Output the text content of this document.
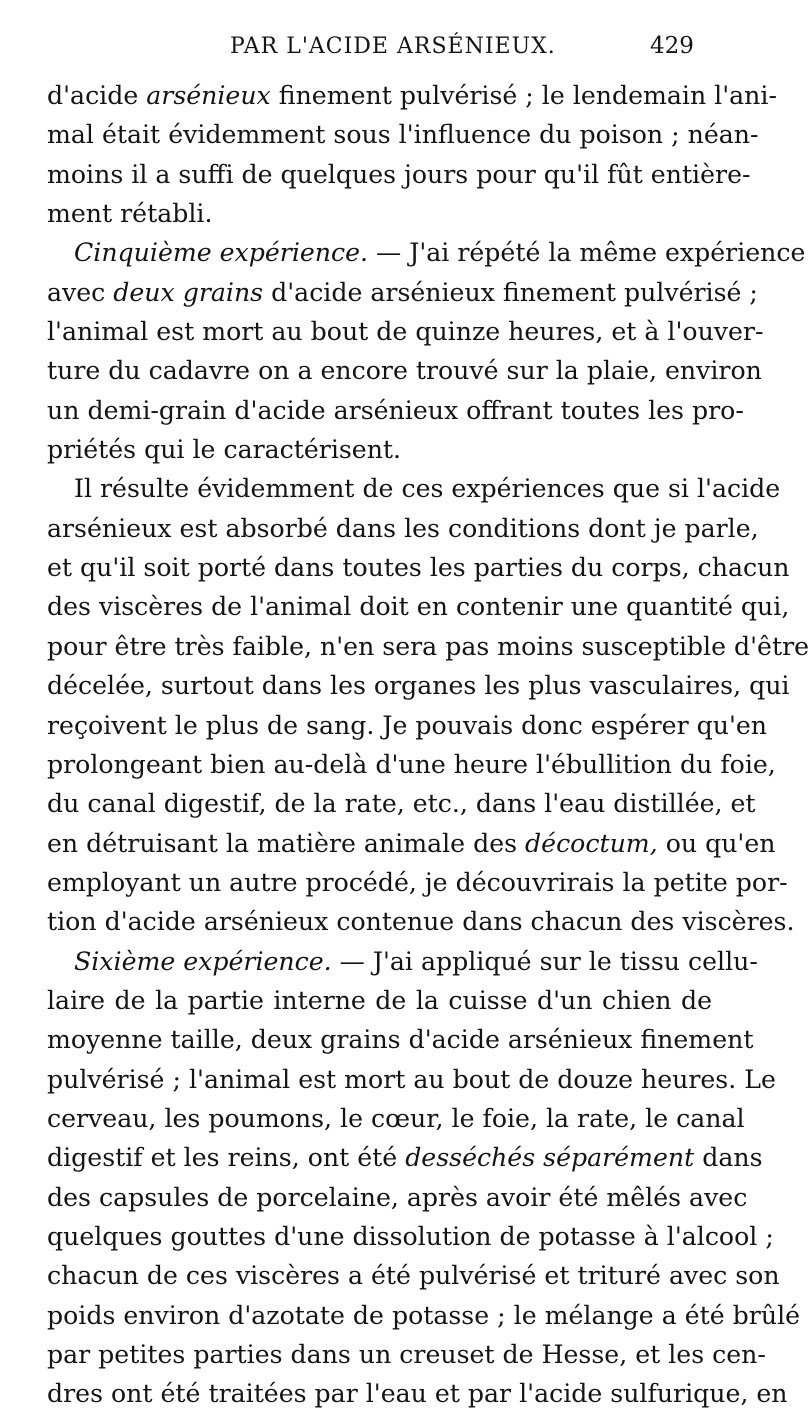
PAR L'ACIDE ARSÉNIEUX.	429
d'acide arsénieux finement pulvérisé ; le lendemain l'ani-
mal était évidemment sous l'influence du poison ; néan-
moins il a suffi de quelques jours pour qu'il fût entière-
ment rétabli.
Cinquième expérience. — J'ai répété la même expérience
avec deux grains d'acide arsénieux finement pulvérisé ;
l'animal est mort au bout de quinze heures, et à l'ouver-
ture du cadavre on a encore trouvé sur la plaie, environ
un demi-grain d'acide arsénieux offrant toutes les pro-
priétés qui le caractérisent.
Il résulte évidemment de ces expériences que si l'acide
arsénieux est absorbé dans les conditions dont je parle,
et qu'il soit porté dans toutes les parties du corps, chacun
des viscères de l'animal doit en contenir une quantité qui,
pour être très faible, n'en sera pas moins susceptible d'être
décelée, surtout dans les organes les plus vasculaires, qui
reçoivent le plus de sang. Je pouvais donc espérer qu'en
prolongeant bien au-delà d'une heure l'ébullition du foie,
du canal digestif, de la rate, etc., dans l'eau distillée, et
en détruisant la matière animale des décoctum, ou qu'en
employant un autre procédé, je découvrirais la petite por-
tion d'acide arsénieux contenue dans chacun des viscères.
Sixième expérience. — J'ai appliqué sur le tissu cellu-
laire de la partie interne de la cuisse d'un chien de
moyenne taille, deux grains d'acide arsénieux finement
pulvérisé ; l'animal est mort au bout de douze heures. Le
cerveau, les poumons, le cœur, le foie, la rate, le canal
digestif et les reins, ont été desséchés séparément dans
des capsules de porcelaine, après avoir été mêlés avec
quelques gouttes d'une dissolution de potasse à l'alcool ;
chacun de ces viscères a été pulvérisé et trituré avec son
poids environ d'azotate de potasse ; le mélange a été brûlé
par petites parties dans un creuset de Hesse, et les cen-
dres ont été traitées par l'eau et par l'acide sulfurique, en
